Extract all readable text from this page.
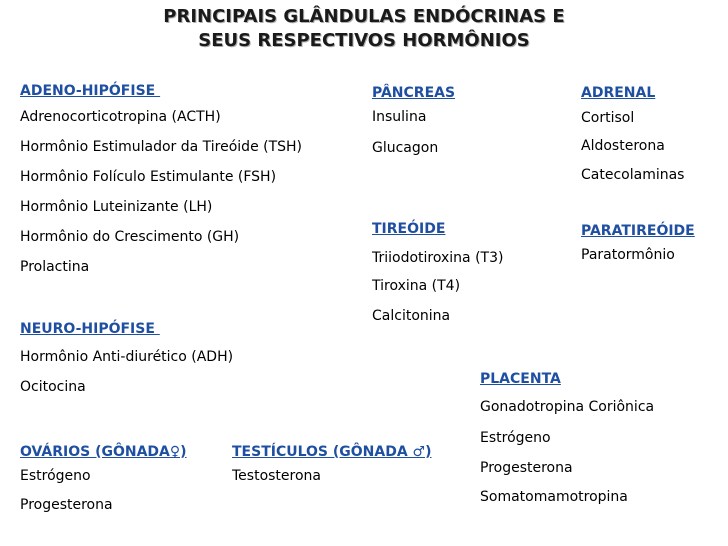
PRINCIPAIS GLÂNDULAS ENDÓCRINAS E
SEUS RESPECTIVOS HORMÔNIOS
ADENO-HIPÓFISE
Adrenocorticotropina (ACTH)
Hormônio Estimulador da Tireóide (TSH)
Hormônio Folículo Estimulante (FSH)
Hormônio Luteinizante (LH)
Hormônio do Crescimento (GH)
Prolactina
NEURO-HIPÓFISE
Hormônio Anti-diurético (ADH)
Ocitocina
OVÁRIOS (GÔNADA♀)
Estrógeno
Progesterona
TESTÍCULOS (GÔNADA ♂)
Testosterona
PÂNCREAS
Insulina
Glucagon
TIREÓIDE
Triiodotiroxina (T3)
Tiroxina (T4)
Calcitonina
ADRENAL
Cortisol
Aldosterona
Catecolaminas
PARATIREÓIDE
Paratormônio
PLACENTA
Gonadotropina Coriônica
Estrógeno
Progesterona
Somatomamotropina
